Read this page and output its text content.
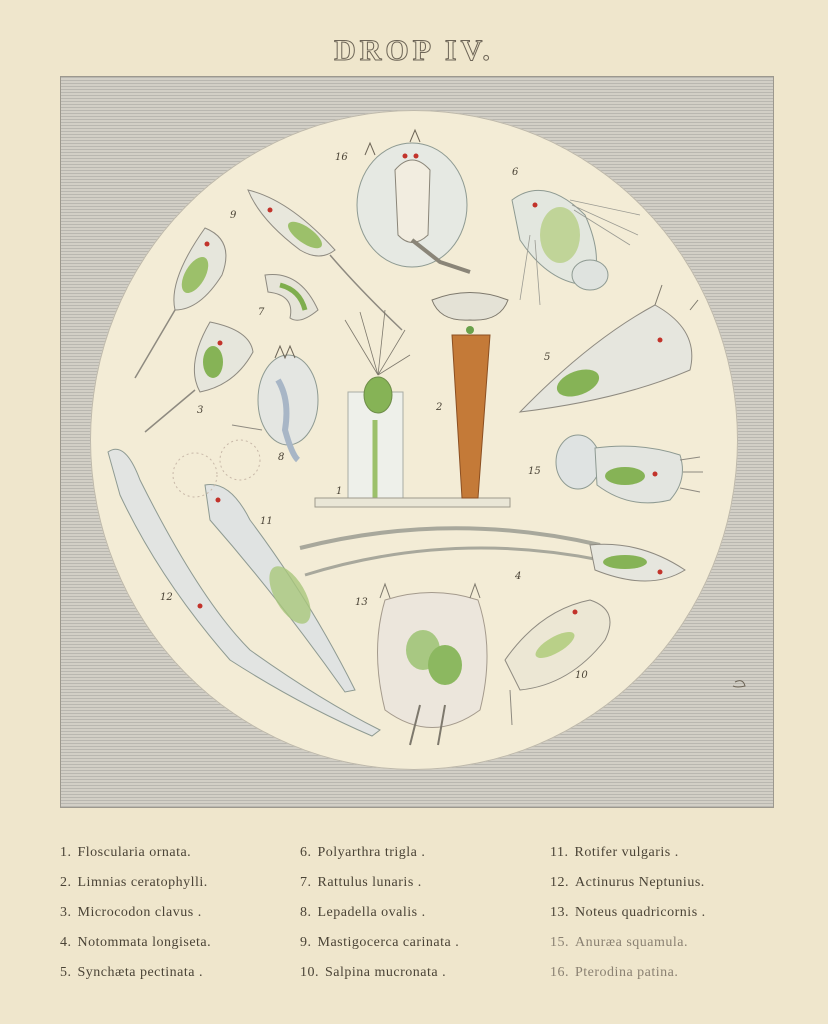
DROP IV.
16
6
9
7
5
3	2
8
15
1
11
4
12	13
10
1. Floscularia ornata.
2. Limnias ceratophylli.
3. Microcodon clavus .
4. Notommata longiseta.
5. Synchæta pectinata .
6. Polyarthra trigla .
7. Rattulus lunaris .
8. Lepadella ovalis .
9. Mastigocerca carinata .
10. Salpina mucronata .
11. Rotifer vulgaris .
12. Actinurus Neptunius.
13. Noteus quadricornis .
15. Anuræa squamula.
16. Pterodina patina.
